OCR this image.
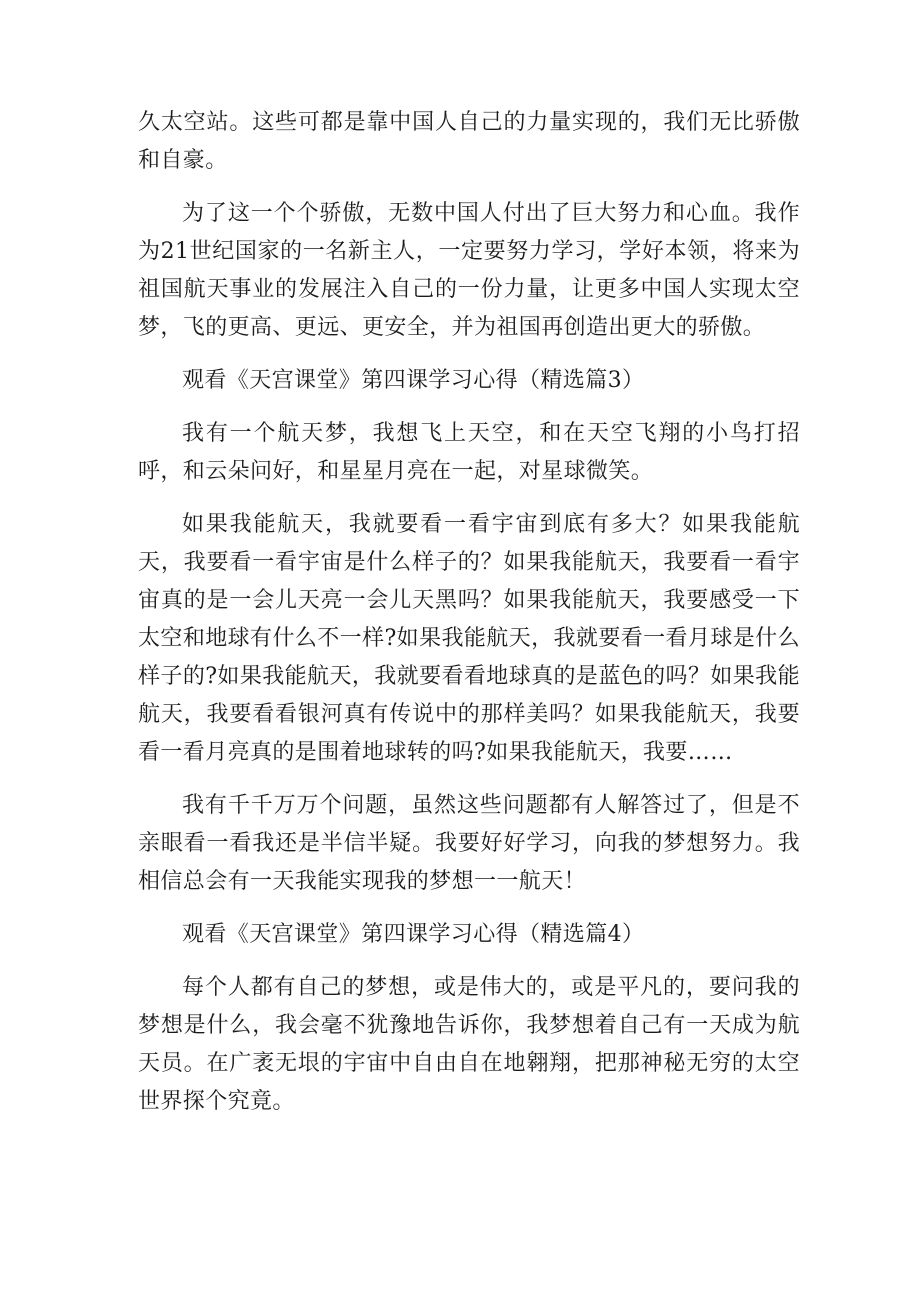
久太空站。这些可都是靠中国人自己的力量实现的，我们无比骄傲和自豪。

为了这一个个骄傲，无数中国人付出了巨大努力和心血。我作为21世纪国家的一名新主人，一定要努力学习，学好本领，将来为祖国航天事业的发展注入自己的一份力量，让更多中国人实现太空梦，飞的更高、更远、更安全，并为祖国再创造出更大的骄傲。

观看《天宫课堂》第四课学习心得（精选篇3）

我有一个航天梦，我想飞上天空，和在天空飞翔的小鸟打招呼，和云朵问好，和星星月亮在一起，对星球微笑。

如果我能航天，我就要看一看宇宙到底有多大？如果我能航天，我要看一看宇宙是什么样子的？如果我能航天，我要看一看宇宙真的是一会儿天亮一会儿天黑吗？如果我能航天，我要感受一下太空和地球有什么不一样?如果我能航天，我就要看一看月球是什么样子的?如果我能航天，我就要看看地球真的是蓝色的吗？如果我能航天，我要看看银河真有传说中的那样美吗？如果我能航天，我要看一看月亮真的是围着地球转的吗?如果我能航天，我要……

我有千千万万个问题，虽然这些问题都有人解答过了，但是不亲眼看一看我还是半信半疑。我要好好学习，向我的梦想努力。我相信总会有一天我能实现我的梦想一一航天！

观看《天宫课堂》第四课学习心得（精选篇4）

每个人都有自己的梦想，或是伟大的，或是平凡的，要问我的梦想是什么，我会毫不犹豫地告诉你，我梦想着自己有一天成为航天员。在广袤无垠的宇宙中自由自在地翱翔，把那神秘无穷的太空世界探个究竟。
